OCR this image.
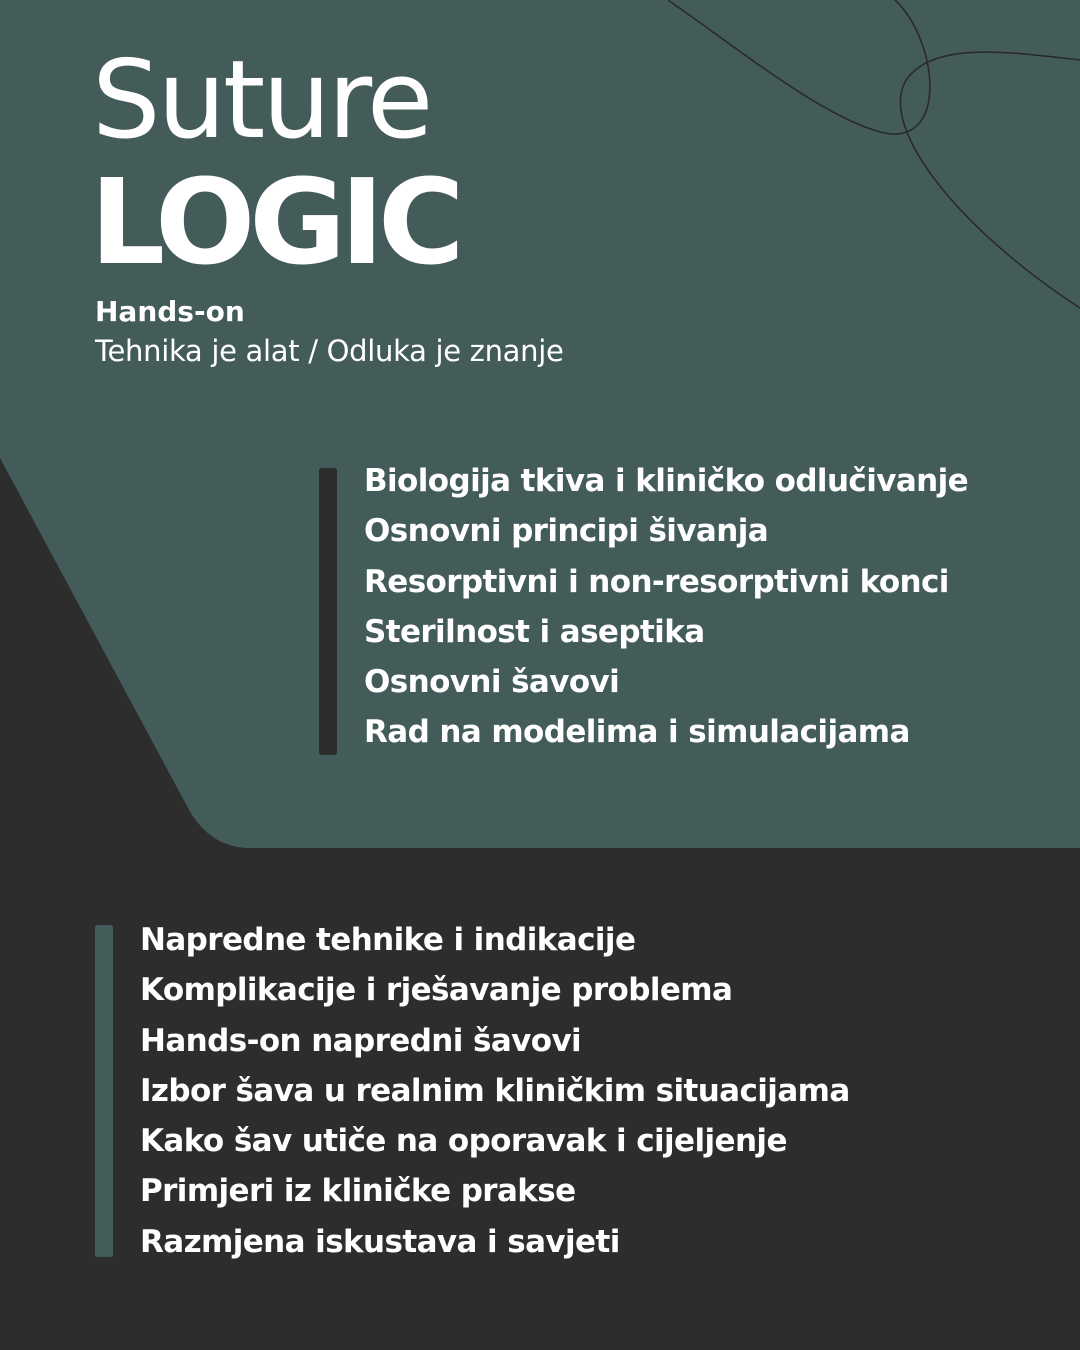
Suture
LOGIC
Hands-on
Tehnika je alat / Odluka je znanje
Biologija tkiva i kliničko odlučivanje
Osnovni principi šivanja
Resorptivni i non-resorptivni konci
Sterilnost i aseptika
Osnovni šavovi
Rad na modelima i simulacijama
Napredne tehnike i indikacije
Komplikacije i rješavanje problema
Hands-on napredni šavovi
Izbor šava u realnim kliničkim situacijama
Kako šav utiče na oporavak i cijeljenje
Primjeri iz kliničke prakse
Razmjena iskustava i savjeti
